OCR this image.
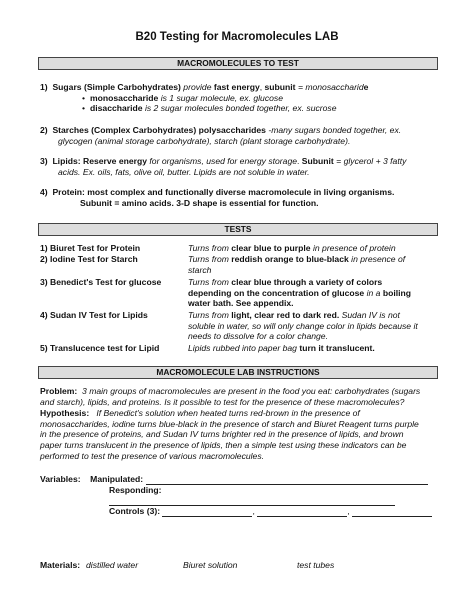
B20 Testing for Macromolecules LAB
MACROMOLECULES TO TEST
1) Sugars (Simple Carbohydrates) provide fast energy, subunit = monosaccharide
• monosaccharide is 1 sugar molecule, ex. glucose
• disaccharide is 2 sugar molecules bonded together, ex. sucrose
2) Starches (Complex Carbohydrates) polysaccharides -many sugars bonded together, ex.
glycogen (animal storage carbohydrate), starch (plant storage carbohydrate).
3) Lipids: Reserve energy for organisms, used for energy storage. Subunit = glycerol + 3 fatty
acids. Ex. oils, fats, olive oil, butter. Lipids are not soluble in water.
4) Protein: most complex and functionally diverse macromolecule in living organisms.
Subunit = amino acids. 3-D shape is essential for function.
TESTS
1) Biuret Test for Protein	Turns from clear blue to purple in presence of protein
2) Iodine Test for Starch	Turns from reddish orange to blue-black in presence of
starch
3) Benedict's Test for glucose	Turns from clear blue through a variety of colors
depending on the concentration of glucose in a boiling
water bath. See appendix.
4) Sudan IV Test for Lipids	Turns from light, clear red to dark red. Sudan IV is not
soluble in water, so will only change color in lipids because it
needs to dissolve for a color change.
5) Translucence test for Lipid	Lipids rubbed into paper bag turn it translucent.
MACROMOLECULE LAB INSTRUCTIONS
Problem: 3 main groups of macromolecules are present in the food you eat: carbohydrates (sugars
and starch), lipids, and proteins. Is it possible to test for the presence of these macromolecules?
Hypothesis: If Benedict's solution when heated turns red-brown in the presence of
monosaccharides, iodine turns blue-black in the presence of starch and Biuret Reagent turns purple
in the presence of proteins, and Sudan IV turns brighter red in the presence of lipids, and brown
paper turns translucent in the presence of lipids, then a simple test using these indicators can be
performed to test the presence of various macromolecules.
Variables: Manipulated:
Responding:
Controls (3):	,	,
Materials: distilled water	Biuret solution	test tubes
